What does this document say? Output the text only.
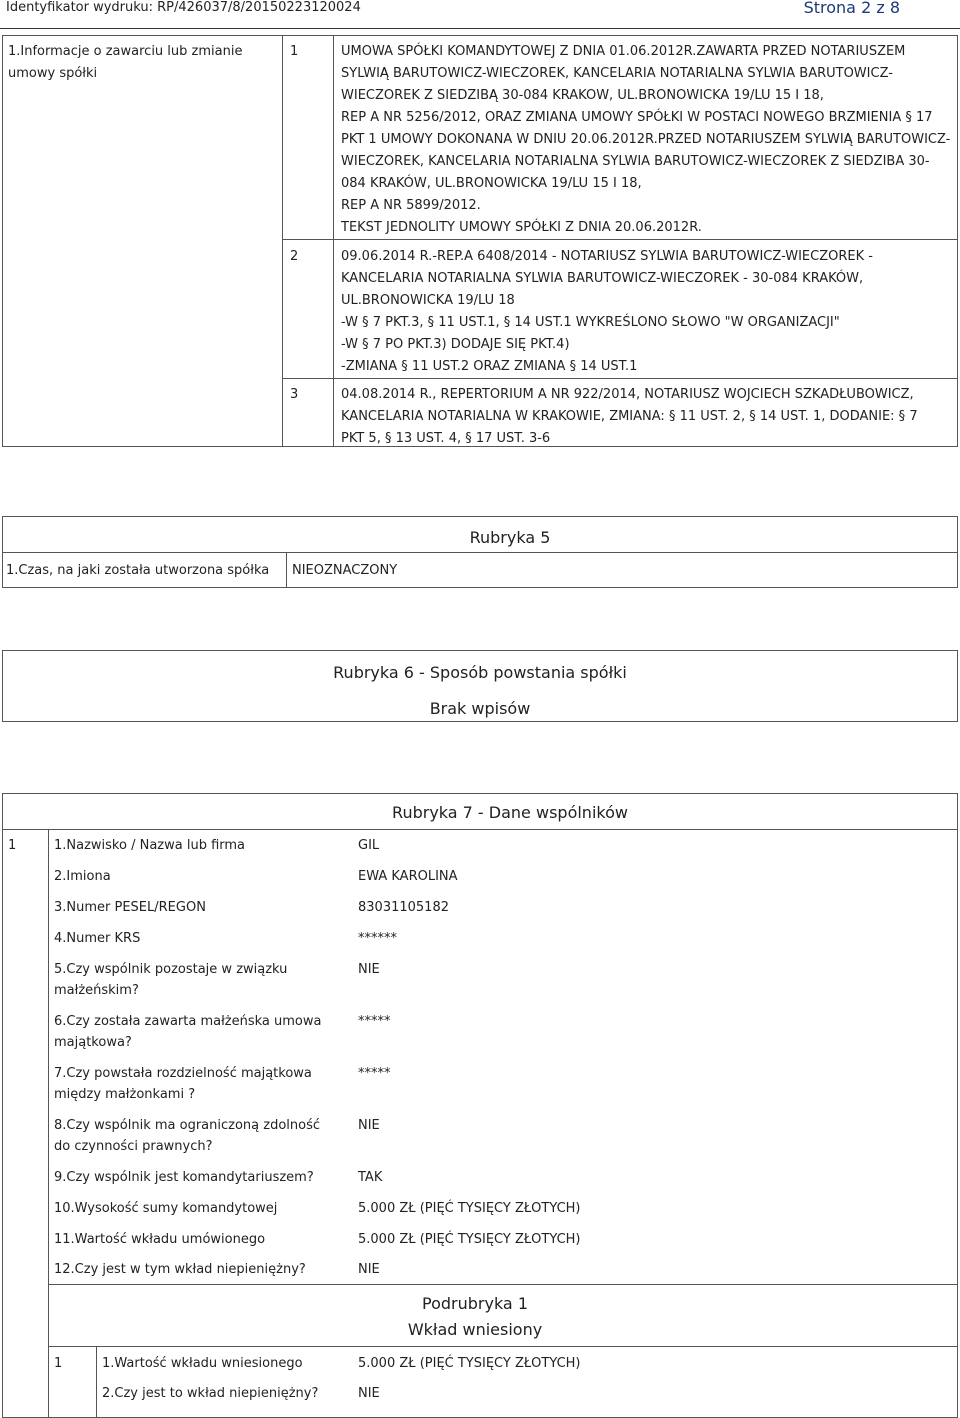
Identyfikator wydruku: RP/426037/8/20150223120024	Strona 2 z 8
1.Informacje o zawarciu lub zmianie
umowy spółki
1	UMOWA SPÓŁKI KOMANDYTOWEJ Z DNIA 01.06.2012R.ZAWARTA PRZED NOTARIUSZEM
SYLWIĄ BARUTOWICZ-WIECZOREK, KANCELARIA NOTARIALNA SYLWIA BARUTOWICZ-
WIECZOREK Z SIEDZIBĄ 30-084 KRAKOW, UL.BRONOWICKA 19/LU 15 I 18,
REP A NR 5256/2012, ORAZ ZMIANA UMOWY SPÓŁKI W POSTACI NOWEGO BRZMIENIA § 17
PKT 1 UMOWY DOKONANA W DNIU 20.06.2012R.PRZED NOTARIUSZEM SYLWIĄ BARUTOWICZ-
WIECZOREK, KANCELARIA NOTARIALNA SYLWIA BARUTOWICZ-WIECZOREK Z SIEDZIBA 30-
084 KRAKÓW, UL.BRONOWICKA 19/LU 15 I 18,
REP A NR 5899/2012.
TEKST JEDNOLITY UMOWY SPÓŁKI Z DNIA 20.06.2012R.
2	09.06.2014 R.-REP.A 6408/2014 - NOTARIUSZ SYLWIA BARUTOWICZ-WIECZOREK -
KANCELARIA NOTARIALNA SYLWIA BARUTOWICZ-WIECZOREK - 30-084 KRAKÓW,
UL.BRONOWICKA 19/LU 18
-W § 7 PKT.3, § 11 UST.1, § 14 UST.1 WYKREŚLONO SŁOWO "W ORGANIZACJI"
-W § 7 PO PKT.3) DODAJE SIĘ PKT.4)
-ZMIANA § 11 UST.2 ORAZ ZMIANA § 14 UST.1
3	04.08.2014 R., REPERTORIUM A NR 922/2014, NOTARIUSZ WOJCIECH SZKADŁUBOWICZ,
KANCELARIA NOTARIALNA W KRAKOWIE, ZMIANA: § 11 UST. 2, § 14 UST. 1, DODANIE: § 7
PKT 5, § 13 UST. 4, § 17 UST. 3-6
Rubryka 5
1.Czas, na jaki została utworzona spółka NIEOZNACZONY
Rubryka 6 - Sposób powstania spółki
Brak wpisów
Rubryka 7 - Dane wspólników
1	1.Nazwisko / Nazwa lub firma	GIL
2.Imiona	EWA KAROLINA
3.Numer PESEL/REGON	83031105182
4.Numer KRS	******
5.Czy wspólnik pozostaje w związku małżeńskim?
NIE
6.Czy została zawarta małżeńska umowa majątkowa?
*****
7.Czy powstała rozdzielność majątkowa między małżonkami ?
*****
8.Czy wspólnik ma ograniczoną zdolność do czynności prawnych?
NIE
9.Czy wspólnik jest komandytariuszem?	TAK
10.Wysokość sumy komandytowej	5.000 ZŁ (PIĘĆ TYSIĘCY ZŁOTYCH)
11.Wartość wkładu umówionego	5.000 ZŁ (PIĘĆ TYSIĘCY ZŁOTYCH)
12.Czy jest w tym wkład niepieniężny?	NIE
Podrubryka 1
Wkład wniesiony
1	1.Wartość wkładu wniesionego	5.000 ZŁ (PIĘĆ TYSIĘCY ZŁOTYCH)
2.Czy jest to wkład niepieniężny?	NIE
